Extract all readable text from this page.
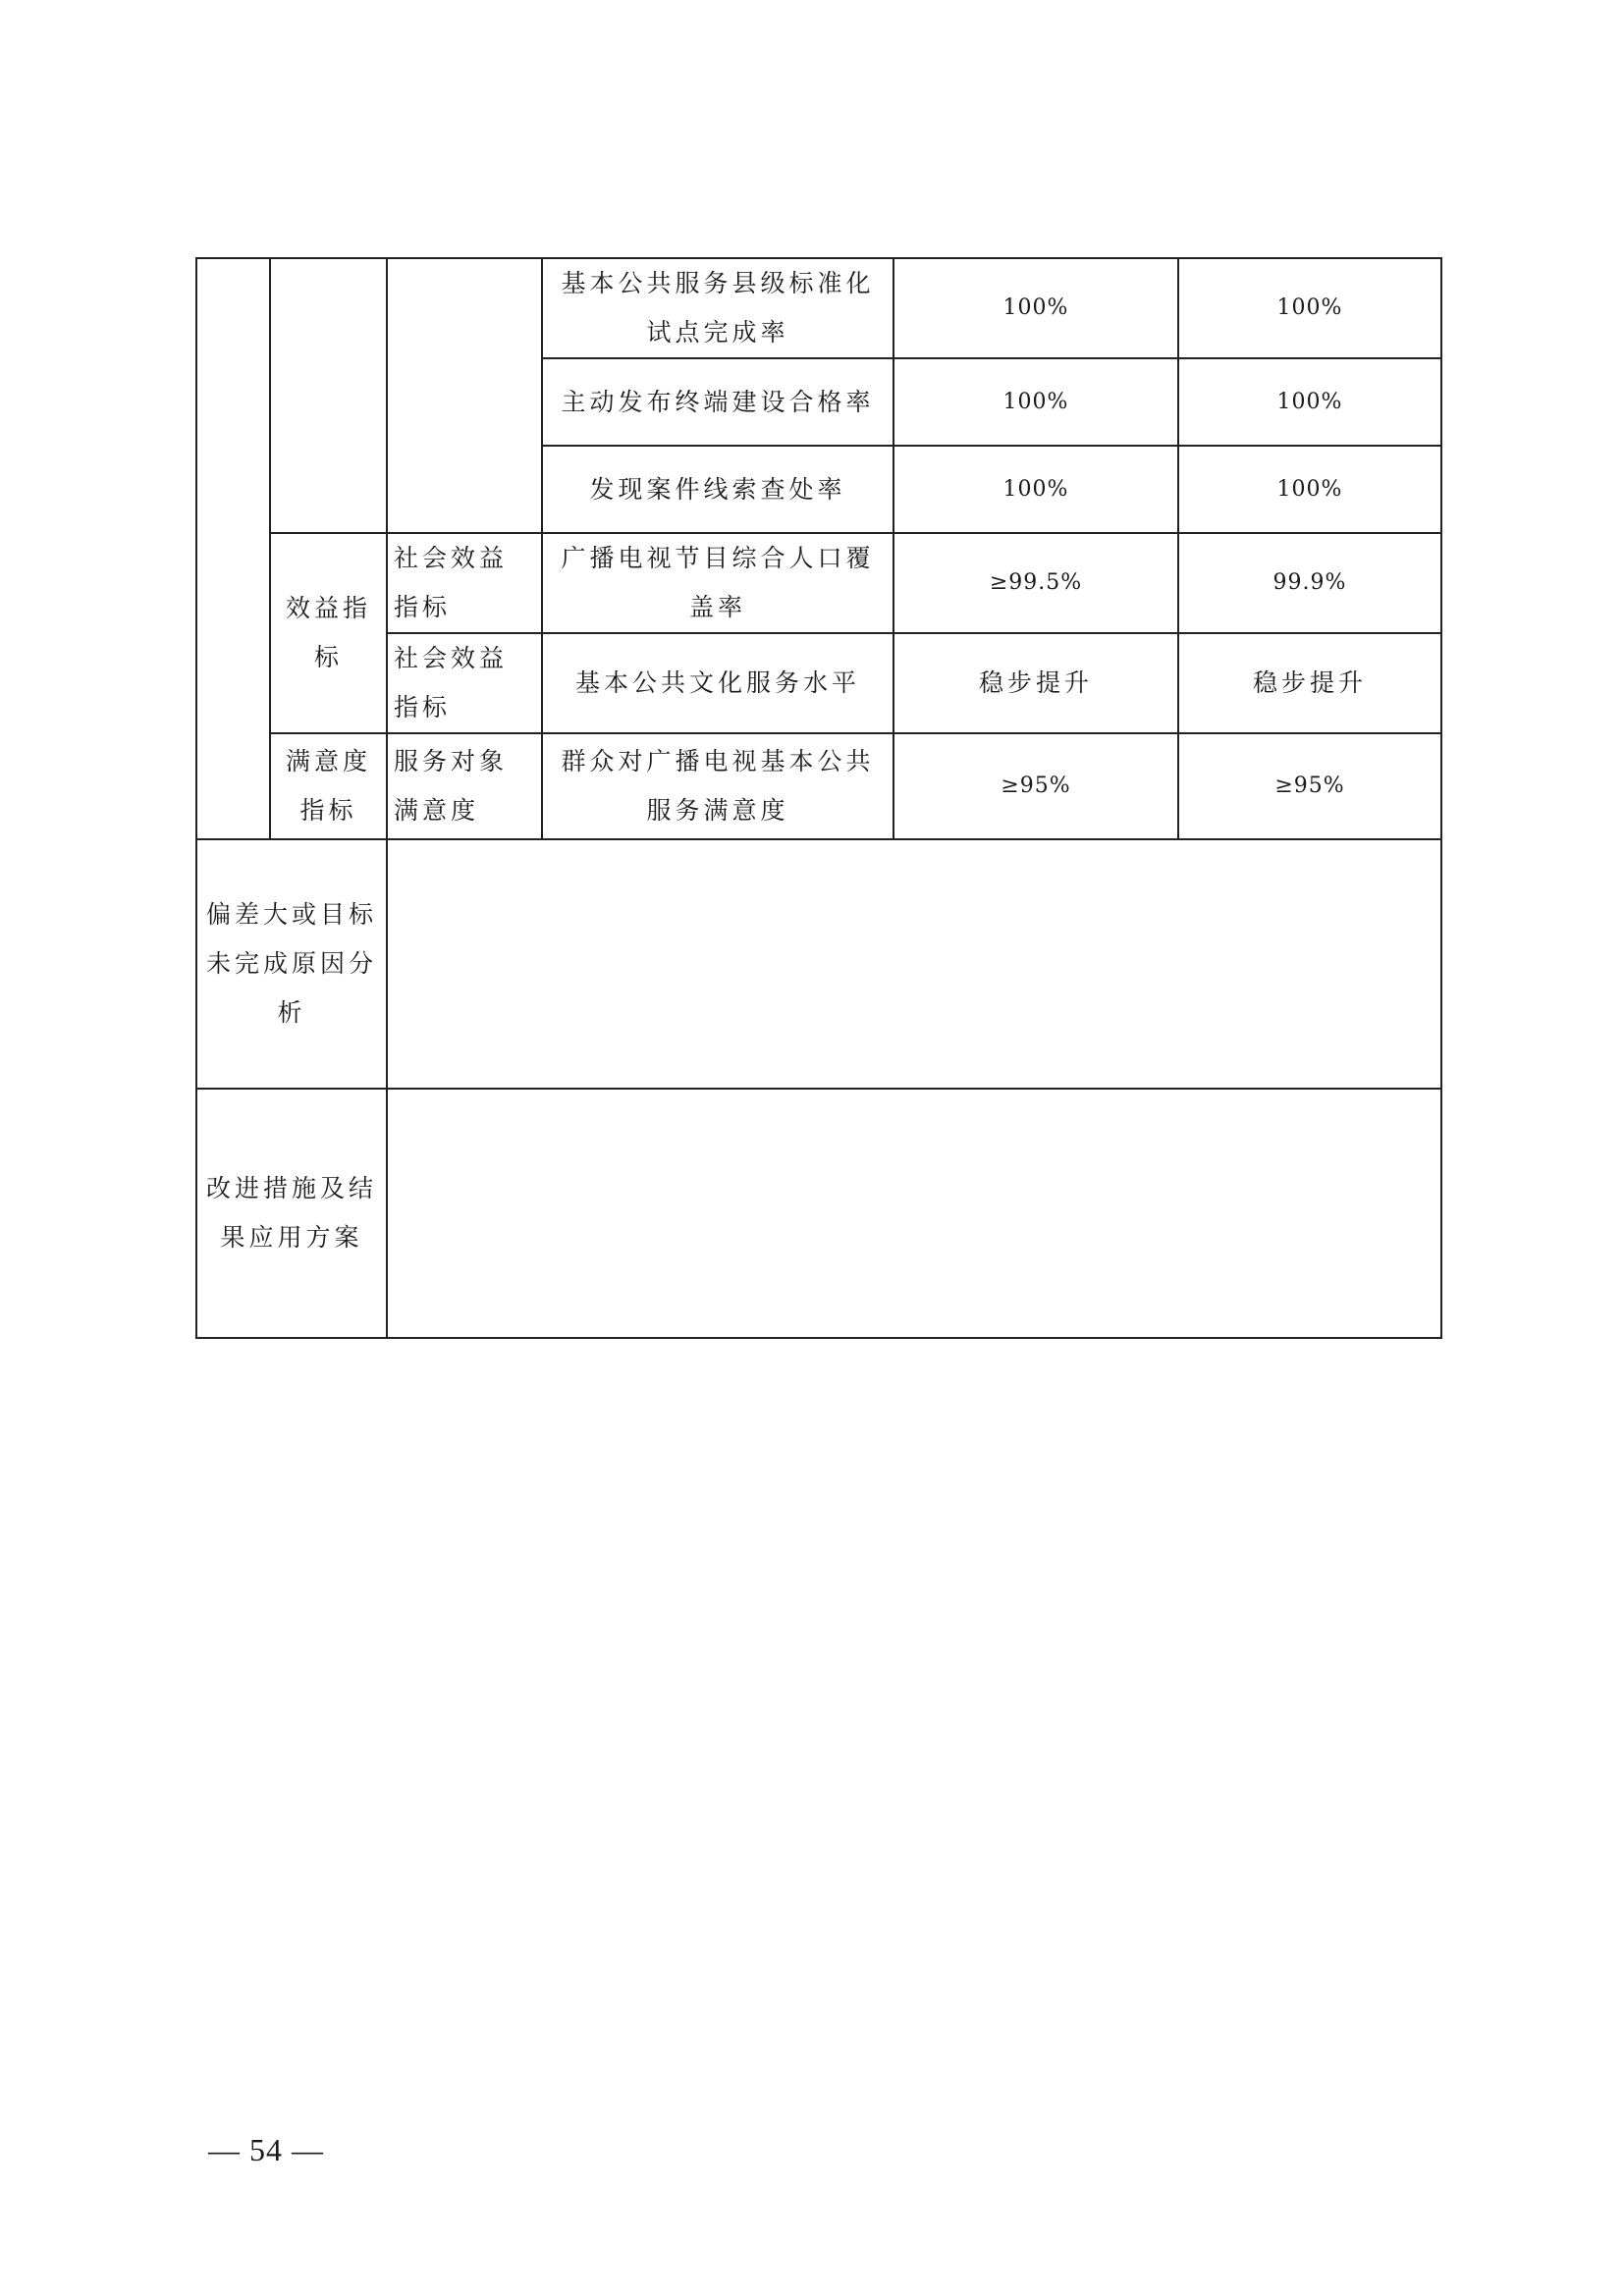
			基本公共服务县级标准化试点完成率	100%	100%
			主动发布终端建设合格率	100%	100%
			发现案件线索查处率	100%	100%
	效益指标	社会效益指标	广播电视节目综合人口覆盖率	≥99.5%	99.9%
		社会效益指标	基本公共文化服务水平	稳步提升	稳步提升
	满意度指标	服务对象满意度	群众对广播电视基本公共服务满意度	≥95%	≥95%
偏差大或目标未完成原因分析					
改进措施及结果应用方案					
— 54 —
